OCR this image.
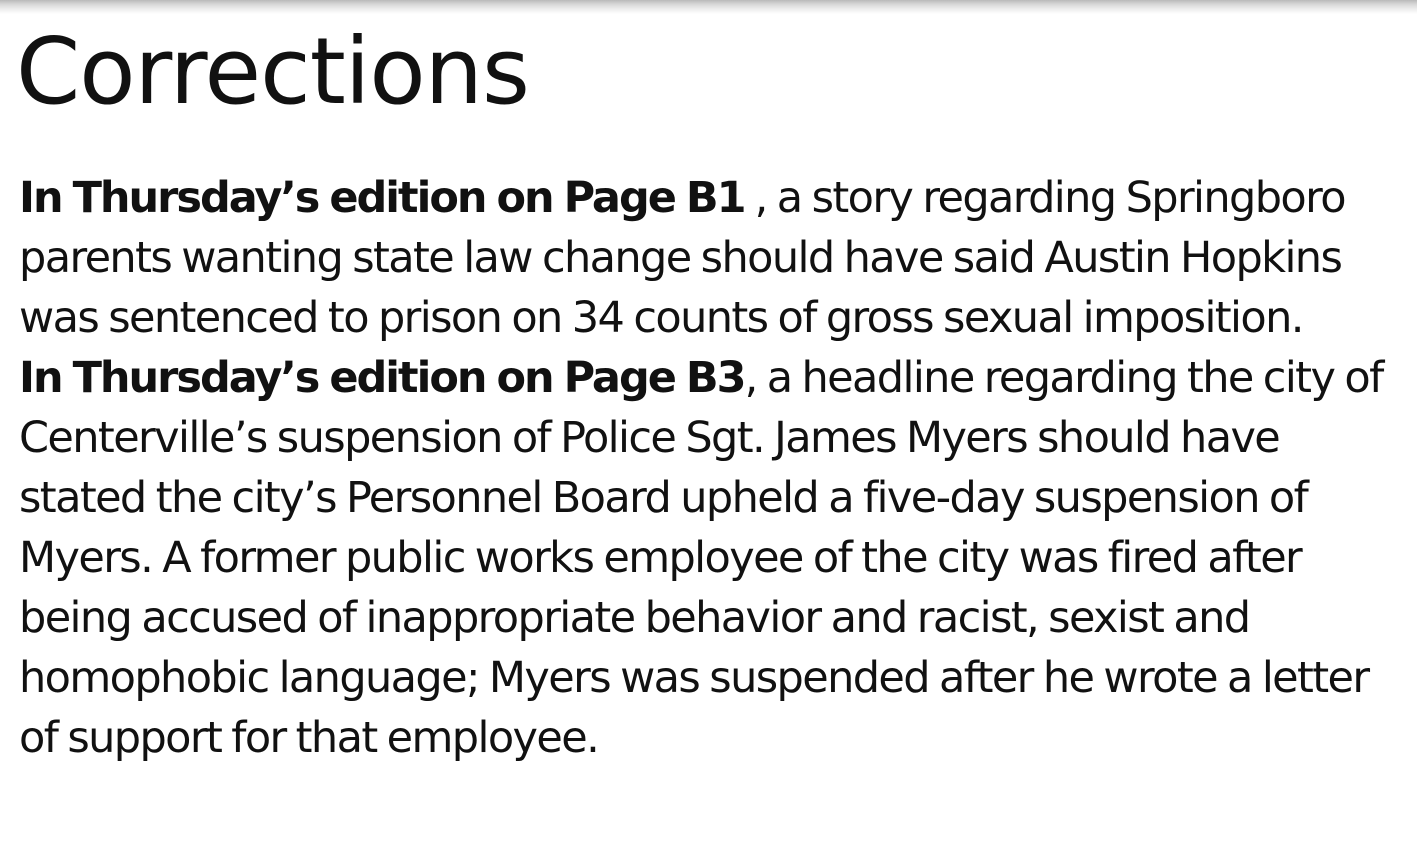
Corrections

In Thursday’s edition on Page B1 , a story regarding Springboro parents wanting state law change should have said Austin Hopkins was sentenced to prison on 34 counts of gross sexual imposition.

In Thursday’s edition on Page B3, a headline regarding the city of Centerville’s suspension of Police Sgt. James Myers should have stated the city’s Personnel Board upheld a five-day suspension of Myers. A former public works employee of the city was fired after being accused of inappropriate behavior and racist, sexist and homophobic language; Myers was suspended after he wrote a letter of support for that employee.
